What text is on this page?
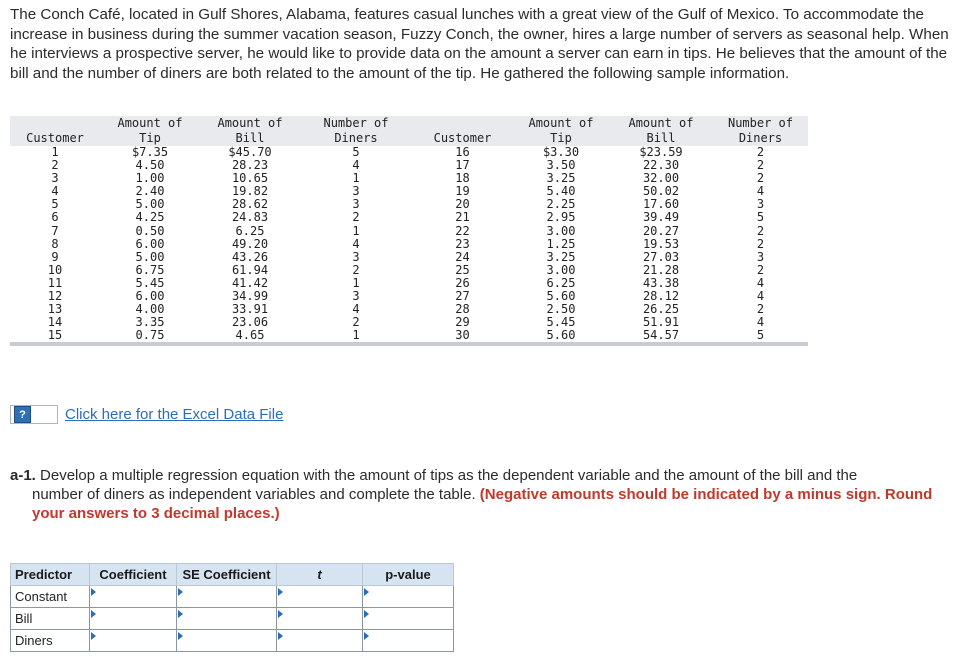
The Conch Café, located in Gulf Shores, Alabama, features casual lunches with a great view of the Gulf of Mexico. To accommodate the increase in business during the summer vacation season, Fuzzy Conch, the owner, hires a large number of servers as seasonal help. When he interviews a prospective server, he would like to provide data on the amount a server can earn in tips. He believes that the amount of the bill and the number of diners are both related to the amount of the tip. He gathered the following sample information.
	Amount of	Amount of	Number of		Amount of	Amount of	Number of
Customer	Tip	Bill	Diners	Customer	Tip	Bill	Diners
1	$7.35	$45.70	5	16	$3.30	$23.59	2
2	4.50	28.23	4	17	3.50	22.30	2
3	1.00	10.65	1	18	3.25	32.00	2
4	2.40	19.82	3	19	5.40	50.02	4
5	5.00	28.62	3	20	2.25	17.60	3
6	4.25	24.83	2	21	2.95	39.49	5
7	0.50	6.25	1	22	3.00	20.27	2
8	6.00	49.20	4	23	1.25	19.53	2
9	5.00	43.26	3	24	3.25	27.03	3
10	6.75	61.94	2	25	3.00	21.28	2
11	5.45	41.42	1	26	6.25	43.38	4
12	6.00	34.99	3	27	5.60	28.12	4
13	4.00	33.91	4	28	2.50	26.25	2
14	3.35	23.06	2	29	5.45	51.91	4
15	0.75	4.65	1	30	5.60	54.57	5
?	Click here for the Excel Data File
a-1. Develop a multiple regression equation with the amount of tips as the dependent variable and the amount of the bill and the
number of diners as independent variables and complete the table. (Negative amounts should be indicated by a minus sign. Round your answers to 3 decimal places.)
Predictor	Coefficient	SE Coefficient	t	p-value
Constant	

Bill	

Diners	
